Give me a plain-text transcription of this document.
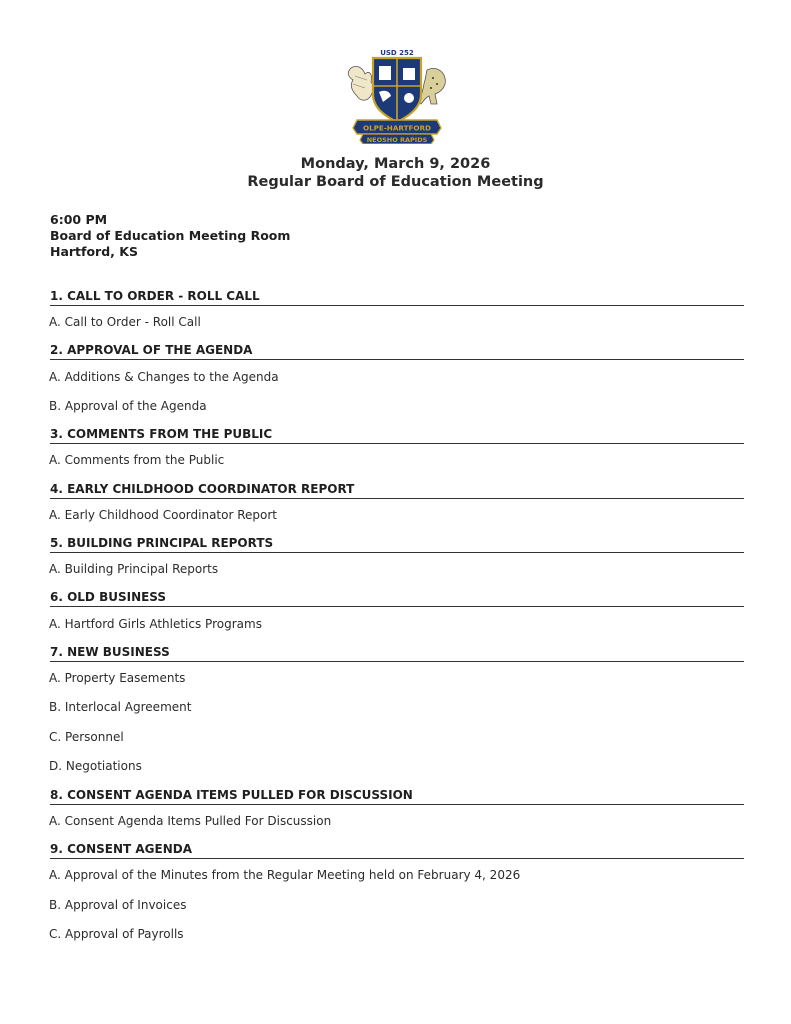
USD 252
OLPE-HARTFORD
NEOSHO RAPIDS
Monday, March 9, 2026
Regular Board of Education Meeting
6:00 PM
Board of Education Meeting Room
Hartford, KS
1. CALL TO ORDER - ROLL CALL
A. Call to Order - Roll Call
2. APPROVAL OF THE AGENDA
A. Additions & Changes to the Agenda
B. Approval of the Agenda
3. COMMENTS FROM THE PUBLIC
A. Comments from the Public
4. EARLY CHILDHOOD COORDINATOR REPORT
A. Early Childhood Coordinator Report
5. BUILDING PRINCIPAL REPORTS
A. Building Principal Reports
6. OLD BUSINESS
A. Hartford Girls Athletics Programs
7. NEW BUSINESS
A. Property Easements
B. Interlocal Agreement
C. Personnel
D. Negotiations
8. CONSENT AGENDA ITEMS PULLED FOR DISCUSSION
A. Consent Agenda Items Pulled For Discussion
9. CONSENT AGENDA
A. Approval of the Minutes from the Regular Meeting held on February 4, 2026
B. Approval of Invoices
C. Approval of Payrolls
